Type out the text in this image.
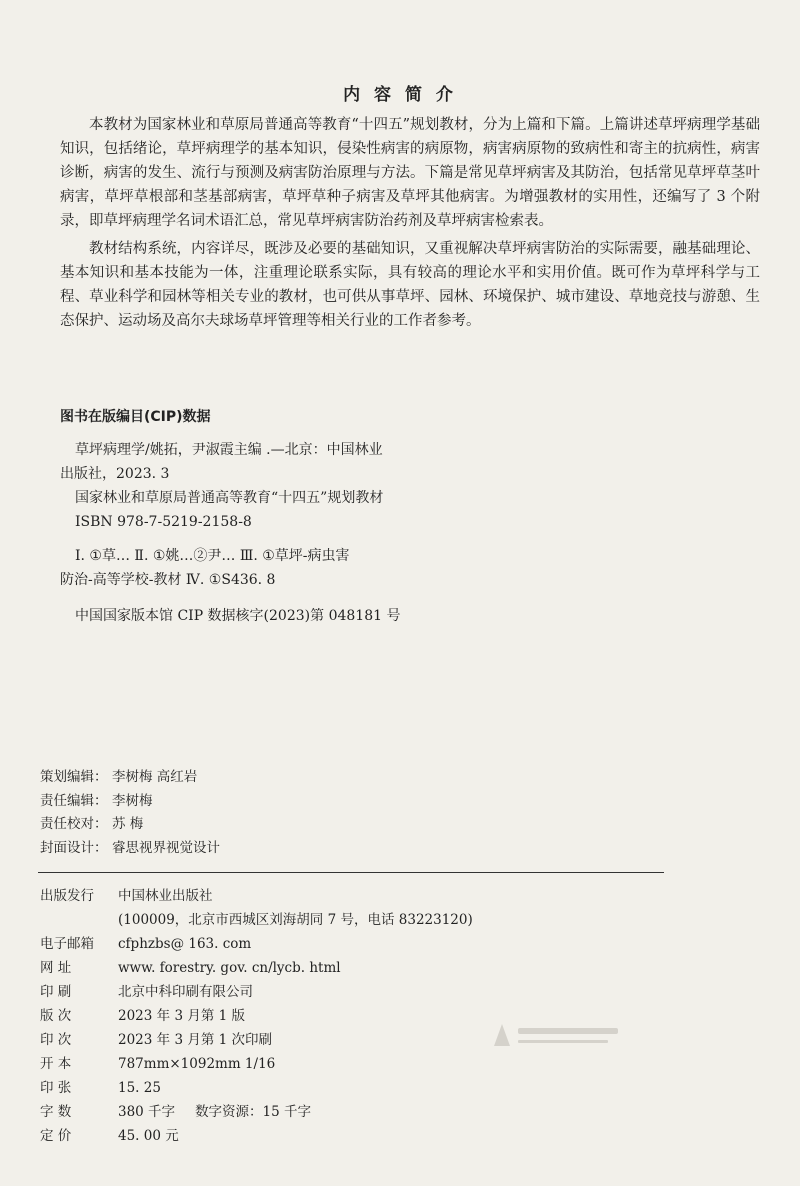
内 容 简 介

本教材为国家林业和草原局普通高等教育“十四五”规划教材，分为上篇和下篇。上篇讲述草坪病理学基础知识，包括绪论，草坪病理学的基本知识，侵染性病害的病原物，病害病原物的致病性和寄主的抗病性，病害诊断，病害的发生、流行与预测及病害防治原理与方法。下篇是常见草坪病害及其防治，包括常见草坪草茎叶病害，草坪草根部和茎基部病害，草坪草种子病害及草坪其他病害。为增强教材的实用性，还编写了 3 个附录，即草坪病理学名词术语汇总，常见草坪病害防治药剂及草坪病害检索表。

教材结构系统，内容详尽，既涉及必要的基础知识，又重视解决草坪病害防治的实际需要，融基础理论、基本知识和基本技能为一体，注重理论联系实际，具有较高的理论水平和实用价值。既可作为草坪科学与工程、草业科学和园林等相关专业的教材，也可供从事草坪、园林、环境保护、城市建设、草地竞技与游憩、生态保护、运动场及高尔夫球场草坪管理等相关行业的工作者参考。

图书在版编目(CIP)数据
草坪病理学/姚拓，尹淑霞主编 .—北京：中国林业
出版社，2023. 3
国家林业和草原局普通高等教育“十四五”规划教材
ISBN 978-7-5219-2158-8
Ⅰ. ①草… Ⅱ. ①姚…②尹… Ⅲ. ①草坪-病虫害
防治-高等学校-教材 Ⅳ. ①S436. 8
中国国家版本馆 CIP 数据核字(2023)第 048181 号
策划编辑： 李树梅 高红岩
责任编辑： 李树梅
责任校对： 苏 梅
封面设计： 睿思视界视觉设计
出版发行 中国林业出版社
(100009，北京市西城区刘海胡同 7 号，电话 83223120)
电子邮箱 cfphzbs@ 163. com
网 址	www. forestry. gov. cn/lycb. html
印 刷	北京中科印刷有限公司
版 次	2023 年 3 月第 1 版
印 次	2023 年 3 月第 1 次印刷
开 本	787mm×1092mm 1/16
印 张	15. 25
字 数	380 千字 数字资源：15 千字
定 价	45. 00 元
